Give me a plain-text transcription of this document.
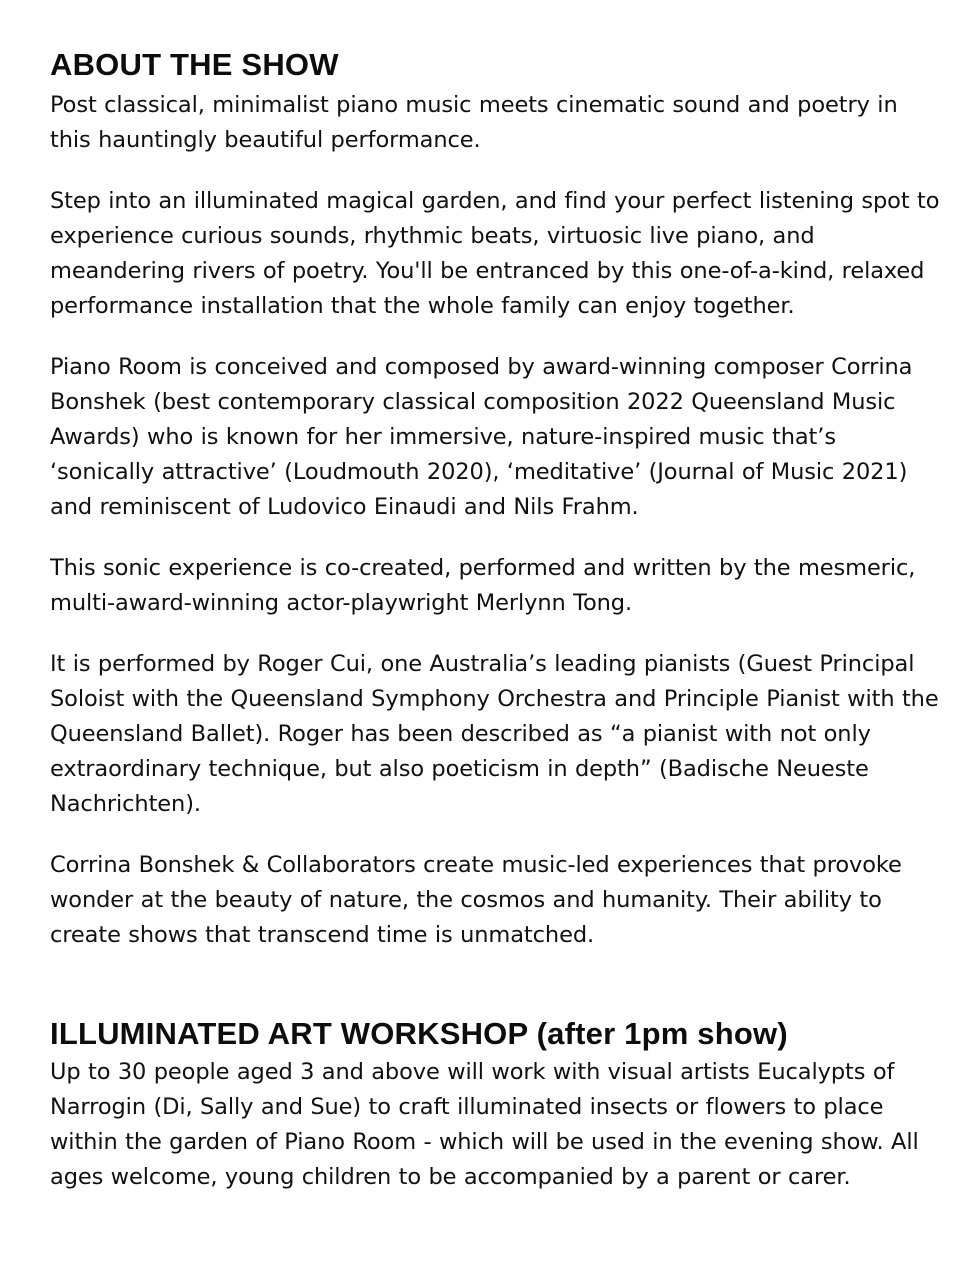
ABOUT THE SHOW

Post classical, minimalist piano music meets cinematic sound and poetry in this hauntingly beautiful performance.

Step into an illuminated magical garden, and find your perfect listening spot to experience curious sounds, rhythmic beats, virtuosic live piano, and meandering rivers of poetry. You'll be entranced by this one-of-a-kind, relaxed performance installation that the whole family can enjoy together.

Piano Room is conceived and composed by award-winning composer Corrina Bonshek (best contemporary classical composition 2022 Queensland Music Awards) who is known for her immersive, nature-inspired music that’s ‘sonically attractive’ (Loudmouth 2020), ‘meditative’ (Journal of Music 2021) and reminiscent of Ludovico Einaudi and Nils Frahm.

This sonic experience is co-created, performed and written by the mesmeric, multi-award-winning actor-playwright Merlynn Tong.

It is performed by Roger Cui, one Australia’s leading pianists (Guest Principal Soloist with the Queensland Symphony Orchestra and Principle Pianist with the Queensland Ballet). Roger has been described as “a pianist with not only extraordinary technique, but also poeticism in depth” (Badische Neueste Nachrichten).

Corrina Bonshek & Collaborators create music-led experiences that provoke wonder at the beauty of nature, the cosmos and humanity. Their ability to create shows that transcend time is unmatched.

ILLUMINATED ART WORKSHOP (after 1pm show)

Up to 30 people aged 3 and above will work with visual artists Eucalypts of Narrogin (Di, Sally and Sue) to craft illuminated insects or flowers to place within the garden of Piano Room - which will be used in the evening show. All ages welcome, young children to be accompanied by a parent or carer.
